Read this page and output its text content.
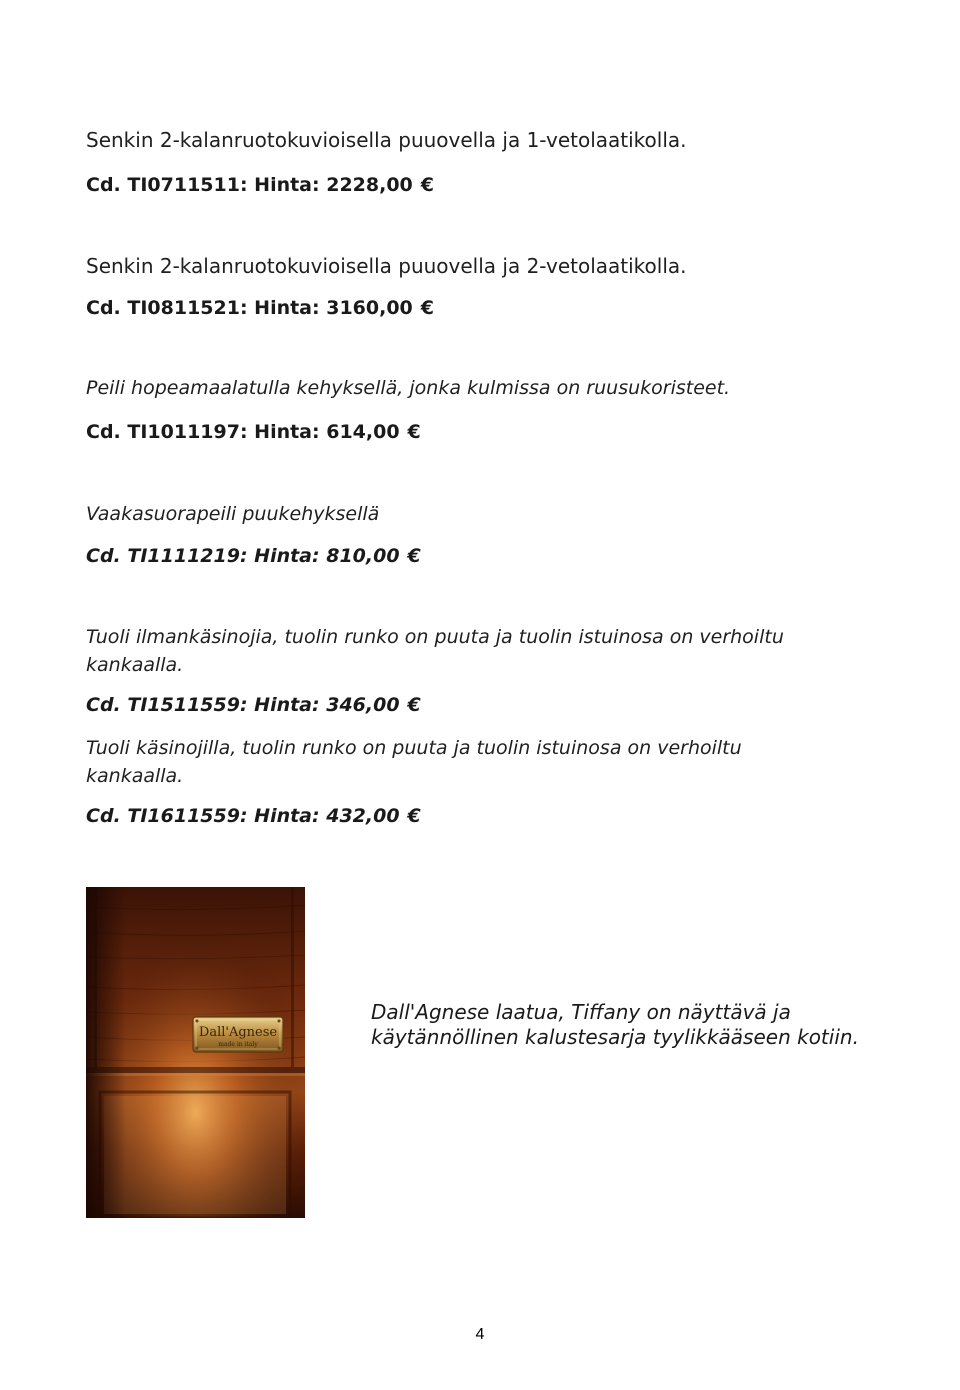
Senkin 2-kalanruotokuvioisella puuovella ja 1-vetolaatikolla.
Cd. TI0711511: Hinta: 2228,00 €
Senkin 2-kalanruotokuvioisella puuovella ja 2-vetolaatikolla.
Cd. TI0811521: Hinta: 3160,00 €
Peili hopeamaalatulla kehyksellä, jonka kulmissa on ruusukoristeet.
Cd. TI1011197: Hinta: 614,00 €
Vaakasuorapeili puukehyksellä
Cd. TI1111219: Hinta: 810,00 €
Tuoli ilmankäsinojia, tuolin runko on puuta ja tuolin istuinosa on verhoiltu
kankaalla.
Cd. TI1511559: Hinta: 346,00 €
Tuoli käsinojilla, tuolin runko on puuta ja tuolin istuinosa on verhoiltu
kankaalla.
Cd. TI1611559: Hinta: 432,00 €
Dall'Agnese
made in italy
Dall'Agnese laatua, Tiffany on näyttävä ja
käytännöllinen kalustesarja tyylikkääseen kotiin.
4
